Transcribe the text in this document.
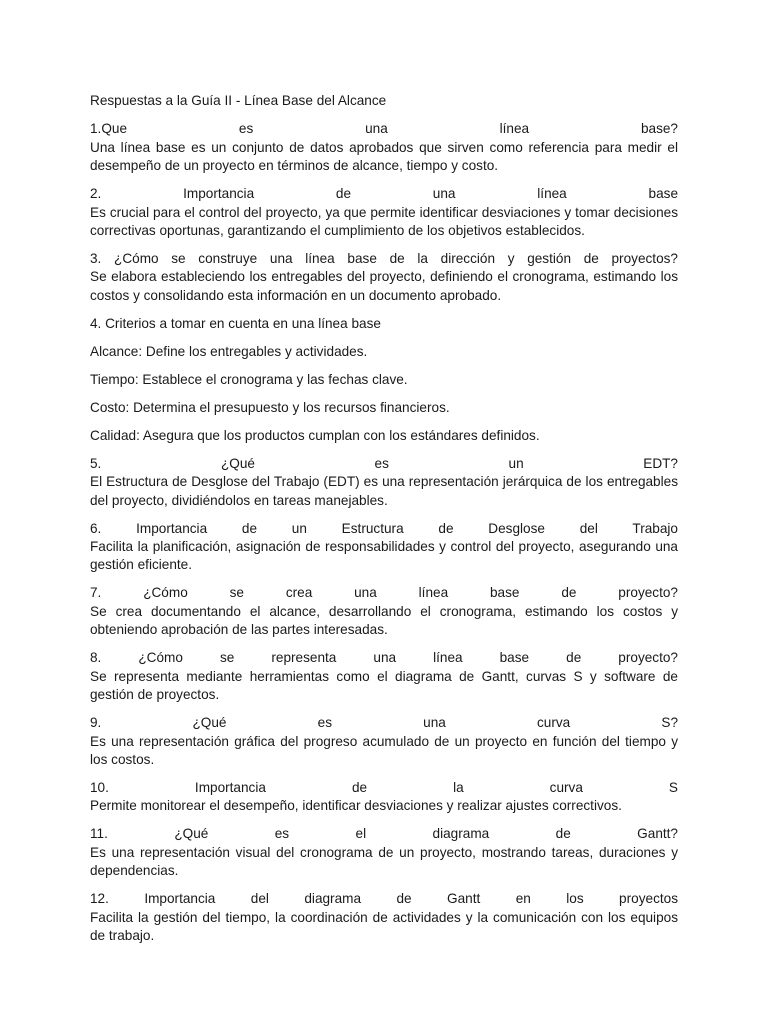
Respuestas a la Guía II - Línea Base del Alcance
1.Que es una línea base?
Una línea base es un conjunto de datos aprobados que sirven como referencia para medir el desempeño de un proyecto en términos de alcance, tiempo y costo.
2. Importancia de una línea base
Es crucial para el control del proyecto, ya que permite identificar desviaciones y tomar decisiones correctivas oportunas, garantizando el cumplimiento de los objetivos establecidos.
3. ¿Cómo se construye una línea base de la dirección y gestión de proyectos?
Se elabora estableciendo los entregables del proyecto, definiendo el cronograma, estimando los costos y consolidando esta información en un documento aprobado.
4. Criterios a tomar en cuenta en una línea base
Alcance: Define los entregables y actividades.
Tiempo: Establece el cronograma y las fechas clave.
Costo: Determina el presupuesto y los recursos financieros.
Calidad: Asegura que los productos cumplan con los estándares definidos.
5. ¿Qué es un EDT?
El Estructura de Desglose del Trabajo (EDT) es una representación jerárquica de los entregables del proyecto, dividiéndolos en tareas manejables.
6. Importancia de un Estructura de Desglose del Trabajo
Facilita la planificación, asignación de responsabilidades y control del proyecto, asegurando una gestión eficiente.
7. ¿Cómo se crea una línea base de proyecto?
Se crea documentando el alcance, desarrollando el cronograma, estimando los costos y obteniendo aprobación de las partes interesadas.
8. ¿Cómo se representa una línea base de proyecto?
Se representa mediante herramientas como el diagrama de Gantt, curvas S y software de gestión de proyectos.
9. ¿Qué es una curva S?
Es una representación gráfica del progreso acumulado de un proyecto en función del tiempo y los costos.
10. Importancia de la curva S
Permite monitorear el desempeño, identificar desviaciones y realizar ajustes correctivos.
11. ¿Qué es el diagrama de Gantt?
Es una representación visual del cronograma de un proyecto, mostrando tareas, duraciones y dependencias.
12. Importancia del diagrama de Gantt en los proyectos
Facilita la gestión del tiempo, la coordinación de actividades y la comunicación con los equipos de trabajo.
